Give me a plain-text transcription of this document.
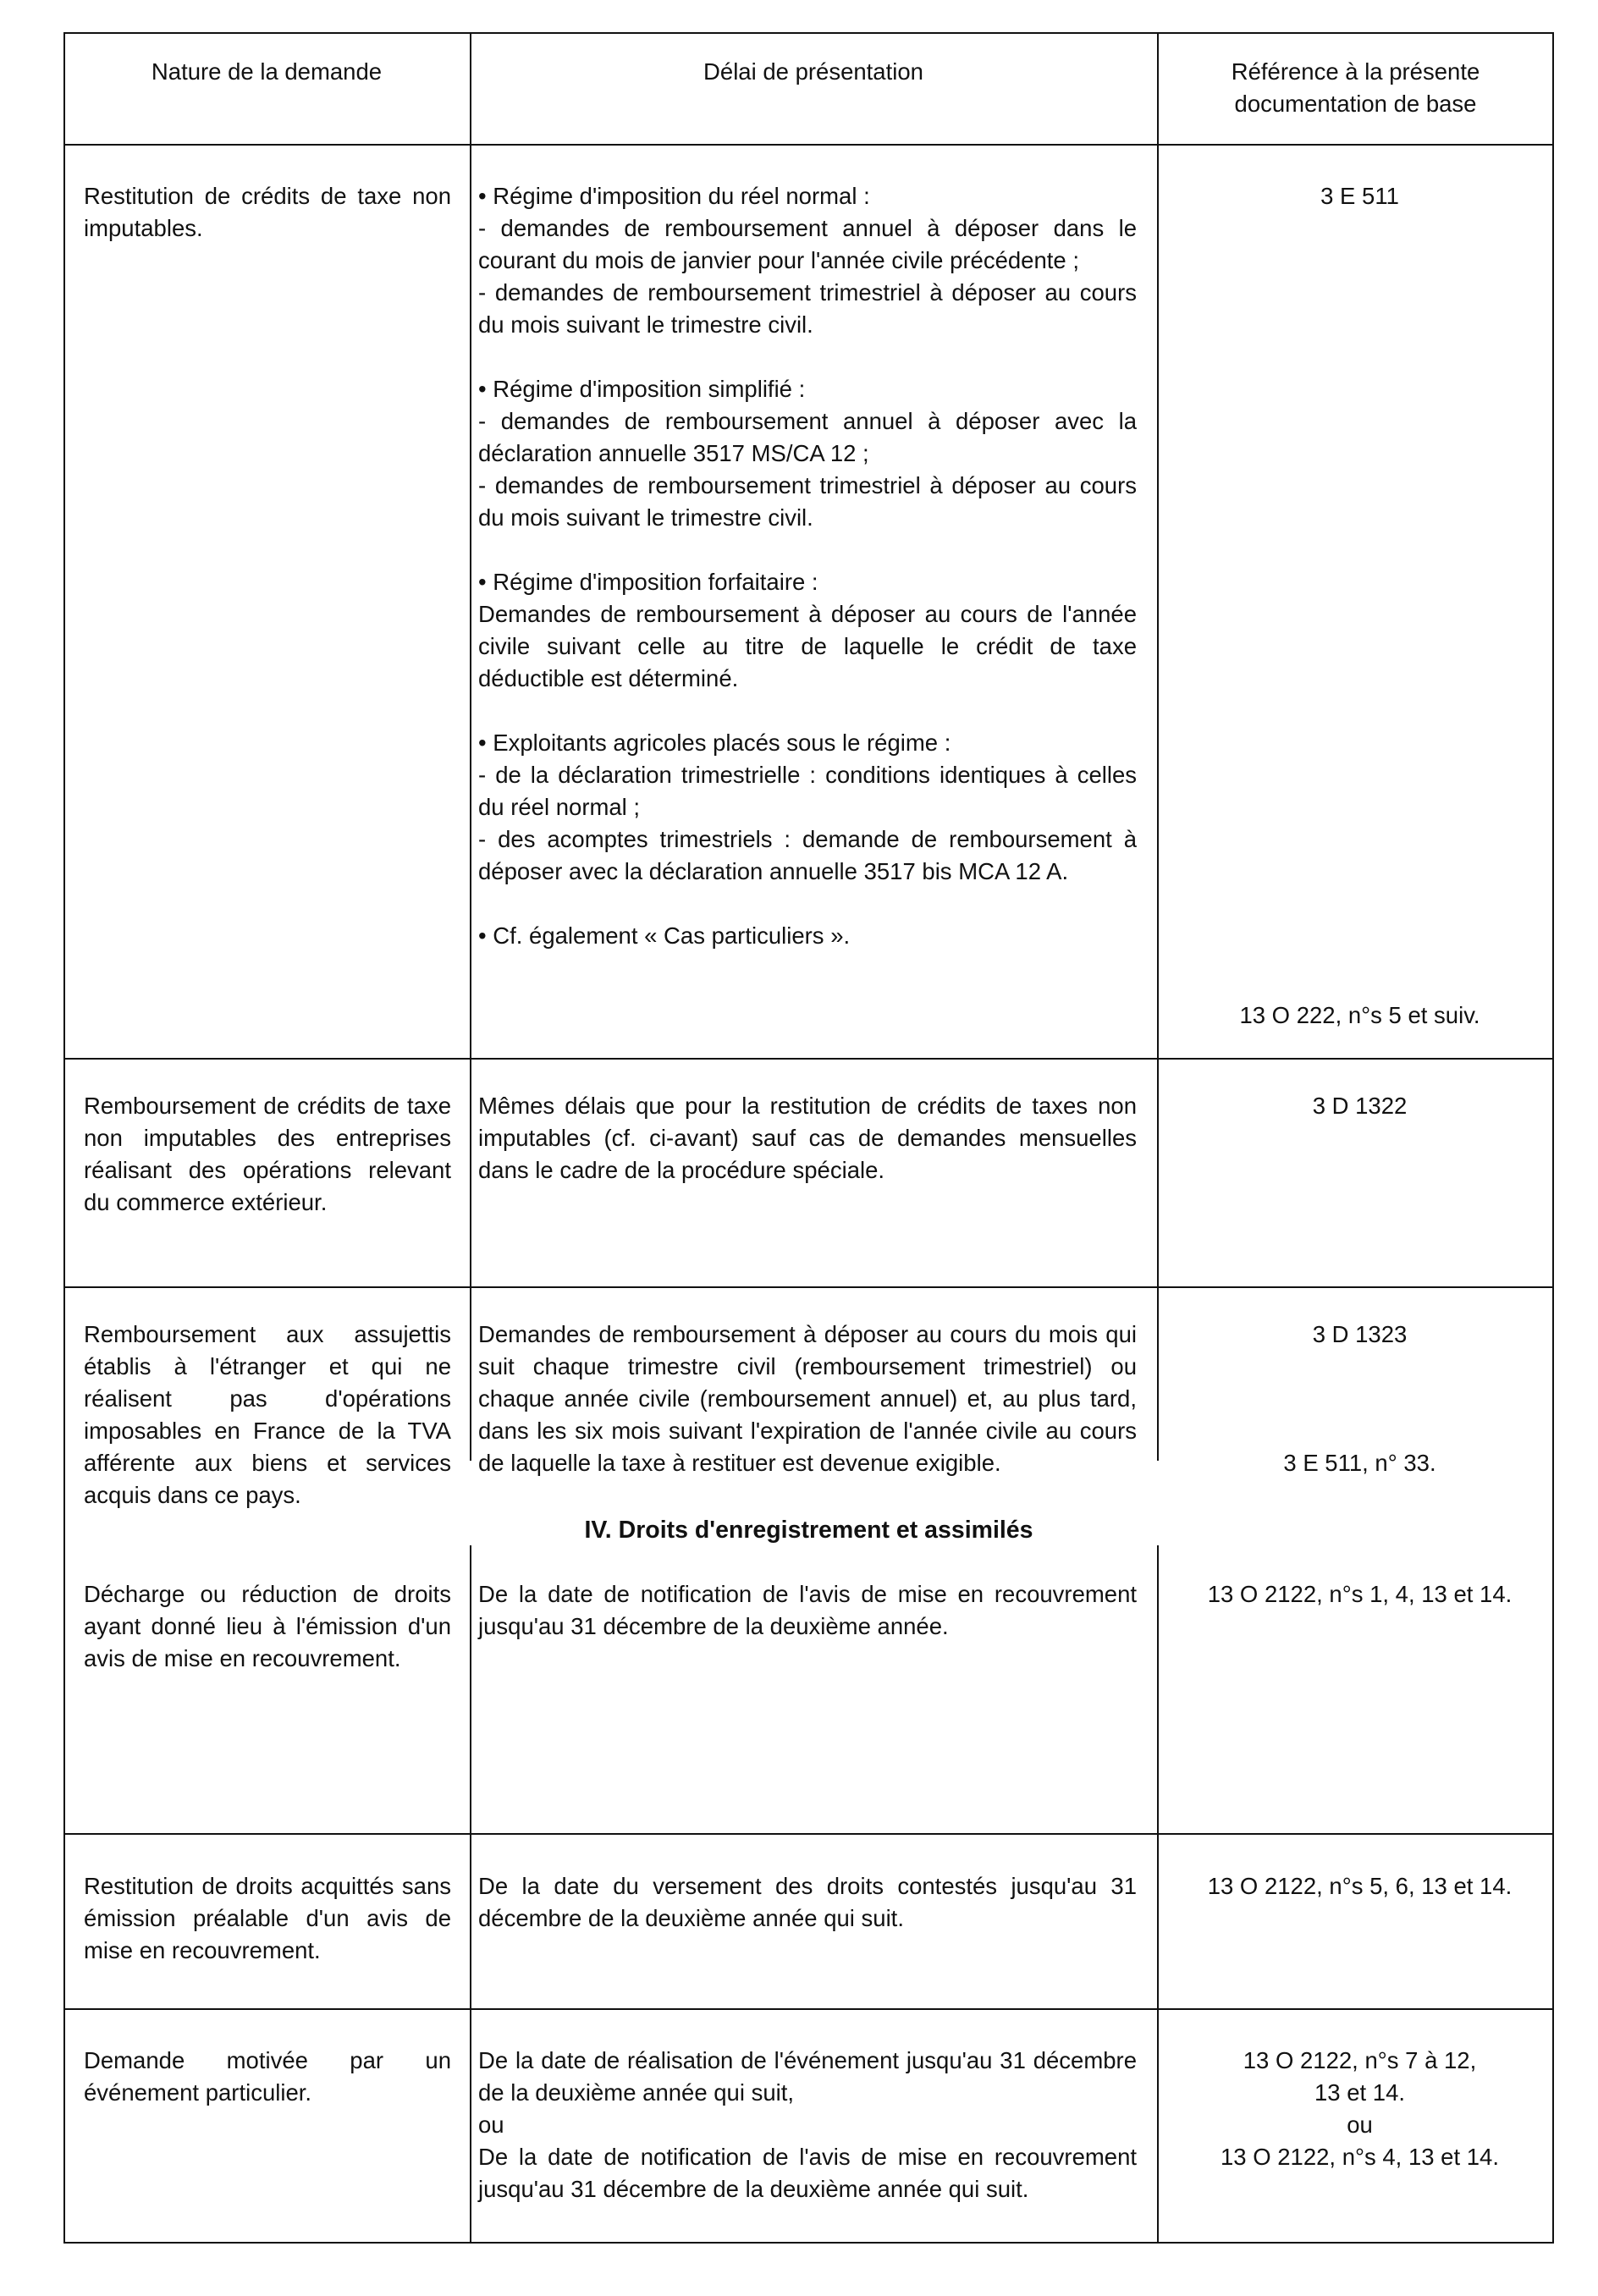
Nature de la demande	Délai de présentation	Référence à la présente
documentation de base
Restitution de crédits de taxe non imputables.
• Régime d'imposition du réel normal :
- demandes de remboursement annuel à déposer dans le courant du mois de janvier pour l'année civile précédente ;
- demandes de remboursement trimestriel à déposer au cours du mois suivant le trimestre civil.
• Régime d'imposition simplifié :
- demandes de remboursement annuel à déposer avec la déclaration annuelle 3517 MS/CA 12 ;
- demandes de remboursement trimestriel à déposer au cours du mois suivant le trimestre civil.
• Régime d'imposition forfaitaire :
Demandes de remboursement à déposer au cours de l'année civile suivant celle au titre de laquelle le crédit de taxe déductible est déterminé.
• Exploitants agricoles placés sous le régime :
- de la déclaration trimestrielle : conditions identiques à celles du réel normal ;
- des acomptes trimestriels : demande de remboursement à déposer avec la déclaration annuelle 3517 bis MCA 12 A.
• Cf. également « Cas particuliers ».
3 E 511
13 O 222, n°s 5 et suiv.
Remboursement de crédits de taxe non imputables des entreprises réalisant des opérations relevant du commerce extérieur.
Mêmes délais que pour la restitution de crédits de taxes non imputables (cf. ci-avant) sauf cas de demandes mensuelles dans le cadre de la procédure spéciale.
3 D 1322
Remboursement aux assujettis établis à l'étranger et qui ne réalisent pas d'opérations imposables en France de la TVA afférente aux biens et services acquis dans ce pays.
Demandes de remboursement à déposer au cours du mois qui suit chaque trimestre civil (remboursement trimestriel) ou chaque année civile (remboursement annuel) et, au plus tard, dans les six mois suivant l'expiration de l'année civile au cours de laquelle la taxe à restituer est devenue exigible.
3 D 1323
3 E 511, n° 33.
IV. Droits d'enregistrement et assimilés
Décharge ou réduction de droits ayant donné lieu à l'émission d'un avis de mise en recouvrement.
De la date de notification de l'avis de mise en recouvrement jusqu'au 31 décembre de la deuxième année.
13 O 2122, n°s 1, 4, 13 et 14.
Restitution de droits acquittés sans émission préalable d'un avis de mise en recouvrement.
De la date du versement des droits contestés jusqu'au 31 décembre de la deuxième année qui suit.
13 O 2122, n°s 5, 6, 13 et 14.
Demande motivée par un événement particulier.
De la date de réalisation de l'événement jusqu'au 31 décembre de la deuxième année qui suit,
ou
De la date de notification de l'avis de mise en recouvrement jusqu'au 31 décembre de la deuxième année qui suit.
13 O 2122, n°s 7 à 12,
13 et 14.
ou
13 O 2122, n°s 4, 13 et 14.
